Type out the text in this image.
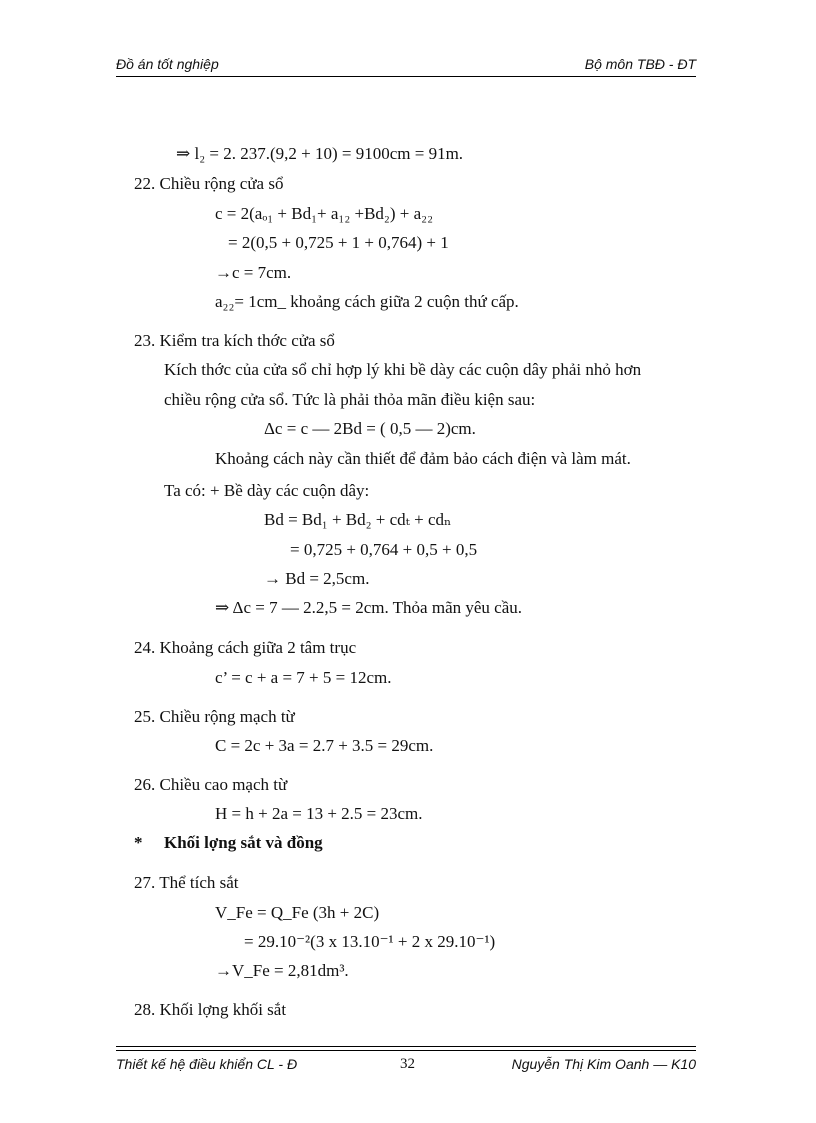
Đồ án tốt nghiệp	Bộ môn TBĐ - ĐT
⇒ l₂ = 2. 237.(9,2 + 10) = 9100cm = 91m.
22. Chiều rộng cửa sổ
c = 2(aₒ₁ + Bd₁+ a₁₂ +Bd₂) + a₂₂
= 2(0,5 + 0,725 + 1 + 0,764) + 1
→c = 7cm.
a₂₂= 1cm_ khoảng cách giữa 2 cuộn thứ cấp.
23. Kiểm tra kích thớc cửa sổ
Kích thớc của cửa sổ chỉ hợp lý khi bề dày các cuộn dây phải nhỏ hơn
chiều rộng cửa sổ. Tức là phải thỏa mãn điều kiện sau:
Δc = c — 2Bd = ( 0,5 — 2)cm.
Khoảng cách này cần thiết để đảm bảo cách điện và làm mát.
Ta có: + Bề dày các cuộn dây:
Bd = Bd₁ + Bd₂ + cdₜ + cdₙ
= 0,725 + 0,764 + 0,5 + 0,5
→ Bd = 2,5cm.
⇒ Δc = 7 — 2.2,5 = 2cm. Thỏa mãn yêu cầu.
24. Khoảng cách giữa 2 tâm trục
c’ = c + a = 7 + 5 = 12cm.
25. Chiều rộng mạch từ
C = 2c + 3a = 2.7 + 3.5 = 29cm.
26. Chiều cao mạch từ
H = h + 2a = 13 + 2.5 = 23cm.
* Khối lợng sắt và đồng
27. Thể tích sắt
V_Fe = Q_Fe (3h + 2C)
= 29.10⁻²(3 x 13.10⁻¹ + 2 x 29.10⁻¹)
→V_Fe = 2,81dm³.
28. Khối lợng khối sắt
Thiết kế hệ điều khiển CL - Đ	32	Nguyễn Thị Kim Oanh — K10
